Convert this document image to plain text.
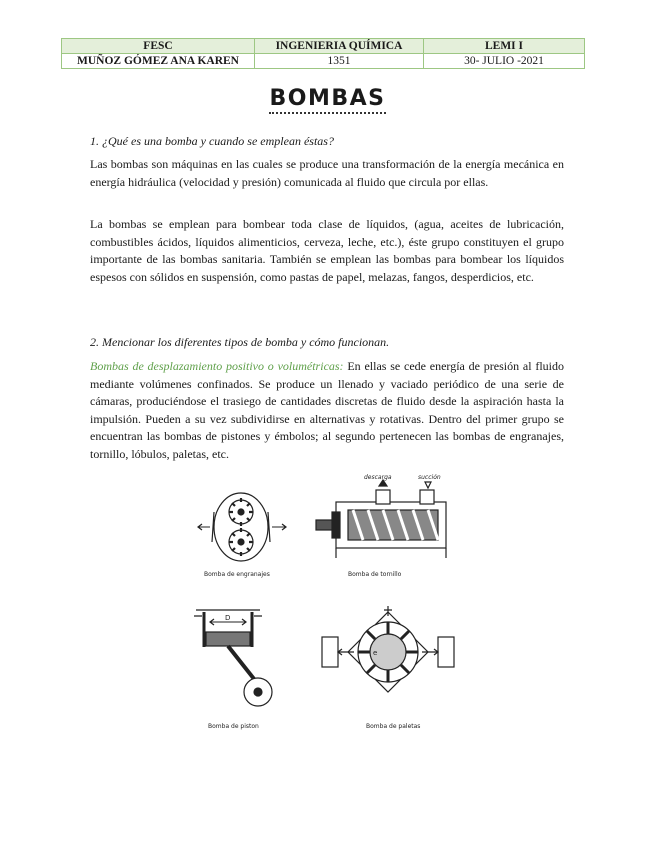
FESC	INGENIERIA QUÍMICA	LEMI I
MUÑOZ GÓMEZ ANA KAREN	1351	30- JULIO -2021
BOMBAS
1. ¿Qué es una bomba y cuando se emplean éstas?
Las bombas son máquinas en las cuales se produce una transformación de la energía mecánica en energía hidráulica (velocidad y presión) comunicada al fluido que circula por ellas.
La bombas se emplean para bombear toda clase de líquidos, (agua, aceites de lubricación, combustibles ácidos, líquidos alimenticios, cerveza, leche, etc.), éste grupo constituyen el grupo importante de las bombas sanitaria. También se emplean las bombas para bombear los líquidos espesos con sólidos en suspensión, como pastas de papel, melazas, fangos, desperdicios, etc.
2. Mencionar los diferentes tipos de bomba y cómo funcionan.
Bombas de desplazamiento positivo o volumétricas: En ellas se cede energía de presión al fluido mediante volúmenes confinados. Se produce un llenado y vaciado periódico de una serie de cámaras, produciéndose el trasiego de cantidades discretas de fluido desde la aspiración hasta la impulsión. Pueden a su vez subdividirse en alternativas y rotativas. Dentro del primer grupo se encuentran las bombas de pistones y émbolos; al segundo pertenecen las bombas de engranajes, tornillo, lóbulos, paletas, etc.
Bomba de engranajes
descarga	succión
Bomba de tornillo
D
Bomba de piston
e
Bomba de paletas
